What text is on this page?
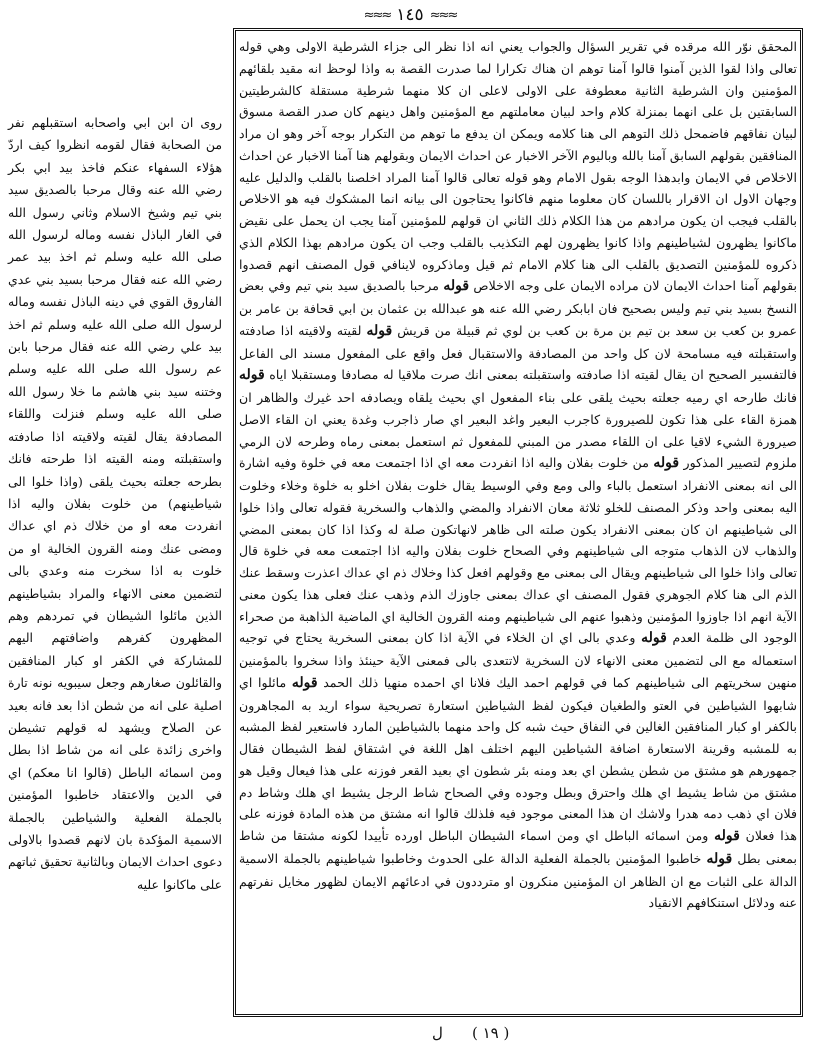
≈≈≈
١٤٥
≈≈≈
المحقق نوّر الله مرقده في تقرير السؤال والجواب يعني انه اذا نظر الى جزاء الشرطية الاولى وهي قوله تعالى واذا لقوا الذين آمنوا قالوا آمنا توهم ان هناك تكرارا لما صدرت القصة به واذا لوحظ انه مقيد بلقائهم المؤمنين وان الشرطية الثانية معطوفة على الاولى لاعلى ان كلا منهما شرطية مستقلة كالشرطيتين السابقتين بل على انهما بمنزلة كلام واحد لبيان معاملتهم مع المؤمنين واهل دينهم كان صدر القصة مسوق لبيان نفاقهم فاضمحل ذلك التوهم الى هنا كلامه ويمكن ان يدفع ما توهم من التكرار بوجه آخر وهو ان مراد المنافقين بقولهم السابق آمنا بالله وباليوم الآخر الاخبار عن احداث الايمان وبقولهم هنا آمنا الاخبار عن احداث الاخلاص في الايمان وابدهذا الوجه بقول الامام وهو قوله تعالى قالوا آمنا المراد اخلصنا بالقلب والدليل عليه وجهان الاول ان الاقرار باللسان كان معلوما منهم فاكانوا يحتاجون الى بيانه انما المشكوك فيه هو الاخلاص بالقلب فيجب ان يكون مرادهم من هذا الكلام ذلك الثاني ان قولهم للمؤمنين آمنا يجب ان يحمل على نقيض ماكانوا يظهرون لشياطينهم واذا كانوا يظهرون لهم التكذيب بالقلب وجب ان يكون مرادهم بهذا الكلام الذي ذكروه للمؤمنين التصديق بالقلب الى هنا كلام الامام ثم قيل وماذكروه لاينافي قول المصنف انهم قصدوا بقولهم آمنا احداث الايمان لان مراده الايمان على وجه الاخلاص قوله مرحبا بالصديق سيد بني تيم وفي بعض النسخ بسيد بني تيم وليس بصحيح فان ابابكر رضي الله عنه هو عبدالله بن عثمان بن ابي قحافة بن عامر بن عمرو بن كعب بن سعد بن تيم بن مرة بن كعب بن لوي ثم قبيلة من قريش قوله لقيته ولاقيته اذا صادفته واستقبلته فيه مسامحة لان كل واحد من المصادفة والاستقبال فعل واقع على المفعول مسند الى الفاعل فالتفسير الصحيح ان يقال لقيته اذا صادفته واستقبلته بمعنى انك صرت ملاقيا له مصادفا ومستقبلا اياه قوله فانك طارحه اي رميه جعلته بحيث يلقى على بناء المفعول اي بحيث يلقاه ويصادفه احد غيرك والظاهر ان همزة القاء على هذا تكون للصيرورة كاجرب البعير واغد البعير اي صار ذاجرب وغدة يعني ان القاء الاصل صيرورة الشيء لاقيا على ان اللقاء مصدر من المبني للمفعول ثم استعمل بمعنى رماه وطرحه لان الرمي ملزوم لتصيير المذكور قوله من خلوت بفلان واليه اذا انفردت معه اي اذا اجتمعت معه في خلوة وفيه اشارة الى انه بمعنى الانفراد استعمل بالباء والى ومع وفي الوسيط يقال خلوت بفلان اخلو به خلوة وخلاء وخلوت اليه بمعنى واحد وذكر المصنف للخلو ثلاثة معان الانفراد والمضي والذهاب والسخرية فقوله تعالى واذا خلوا الى شياطينهم ان كان بمعنى الانفراد يكون صلته الى ظاهر لانهاتكون صلة له وكذا اذا كان بمعنى المضي والذهاب لان الذهاب متوجه الى شياطينهم وفي الصحاح خلوت بفلان واليه اذا اجتمعت معه في خلوة قال تعالى واذا خلوا الى شياطينهم ويقال الى بمعنى مع وقولهم افعل كذا وخلاك ذم اي عداك اعذرت وسقط عنك الذم الى هنا كلام الجوهري فقول المصنف اي عداك بمعنى جاوزك الذم وذهب عنك فعلى هذا يكون معنى الآية انهم اذا جاوزوا المؤمنين وذهبوا عنهم الى شياطينهم ومنه القرون الخالية اي الماضية الذاهبة من صحراء الوجود الى ظلمة العدم قوله وعدي بالى اي ان الخلاء في الآية اذا كان بمعنى السخرية يحتاج في توجيه استعماله مع الى لتضمين معنى الانهاء لان السخرية لاتتعدى بالى فمعنى الآية حينئذ واذا سخروا بالمؤمنين منهين سخريتهم الى شياطينهم كما في قولهم احمد اليك فلانا اي احمده منهيا ذلك الحمد قوله مائلوا اي شابهوا الشياطين في العتو والطغيان فيكون لفظ الشياطين استعارة تصريحية سواء اريد به المجاهرون بالكفر او كبار المنافقين الغالين في النفاق حيث شبه كل واحد منهما بالشياطين المارد فاستعير لفظ المشبه به للمشبه وقرينة الاستعارة اضافة الشياطين اليهم اختلف اهل اللغة في اشتقاق لفظ الشيطان فقال جمهورهم هو مشتق من شطن يشطن اي بعد ومنه بئر شطون اي بعيد القعر فوزنه على هذا فيعال وقيل هو مشتق من شاط يشيط اي هلك واحترق وبطل وجوده وفي الصحاح شاط الرجل يشيط اي هلك وشاط دم فلان اي ذهب دمه هدرا ولاشك ان هذا المعنى موجود فيه فلذلك قالوا انه مشتق من هذه المادة فوزنه على هذا فعلان قوله ومن اسمائه الباطل اي ومن اسماء الشيطان الباطل اورده تأييدا لكونه مشتقا من شاط بمعنى بطل قوله خاطبوا المؤمنين بالجملة الفعلية الدالة على الحدوث وخاطبوا شياطينهم بالجملة الاسمية الدالة على الثبات مع ان الظاهر ان المؤمنين منكرون او مترددون في ادعائهم الايمان لظهور مخايل نفرتهم عنه ودلائل استنكافهم الانقياد
روى ان ابن ابي واصحابه استقبلهم نفر من الصحابة فقال لقومه انظروا كيف اردّ هؤلاء السفهاء عنكم فاخذ بيد ابي بكر رضي الله عنه وقال مرحبا بالصديق سيد بني تيم وشيخ الاسلام وثاني رسول الله في الغار الباذل نفسه وماله لرسول الله صلى الله عليه وسلم ثم اخذ بيد عمر رضي الله عنه فقال مرحبا بسيد بني عدي الفاروق القوي في دينه الباذل نفسه وماله لرسول الله صلى الله عليه وسلم ثم اخذ بيد علي رضي الله عنه فقال مرحبا بابن عم رسول الله صلى الله عليه وسلم وختنه سيد بني هاشم ما خلا رسول الله صلى الله عليه وسلم فنزلت واللقاء المصادفة يقال لقيته ولاقيته اذا صادفته واستقبلته ومنه القيته اذا طرحته فانك بطرحه جعلته بحيث يلقى (واذا خلوا الى شياطينهم) من خلوت بفلان واليه اذا انفردت معه او من خلاك ذم اي عداك ومضى عنك ومنه القرون الخالية او من خلوت به اذا سخرت منه وعدي بالى لتضمين معنى الانهاء والمراد بشياطينهم الذين مائلوا الشيطان في تمردهم وهم المظهرون كفرهم واضافتهم اليهم للمشاركة في الكفر او كبار المنافقين والقائلون صغارهم وجعل سيبويه نونه تارة اصلية على انه من شطن اذا بعد فانه بعيد عن الصلاح ويشهد له قولهم تشيطن واخرى زائدة على انه من شاط اذا بطل ومن اسمائه الباطل (قالوا انا معكم) اي في الدين والاعتقاد خاطبوا المؤمنين بالجملة الفعلية والشياطين بالجملة الاسمية المؤكدة بان لانهم قصدوا بالاولى دعوى احداث الايمان وبالثانية تحقيق ثباتهم على ماكانوا عليه
ل ( ١٩ )
